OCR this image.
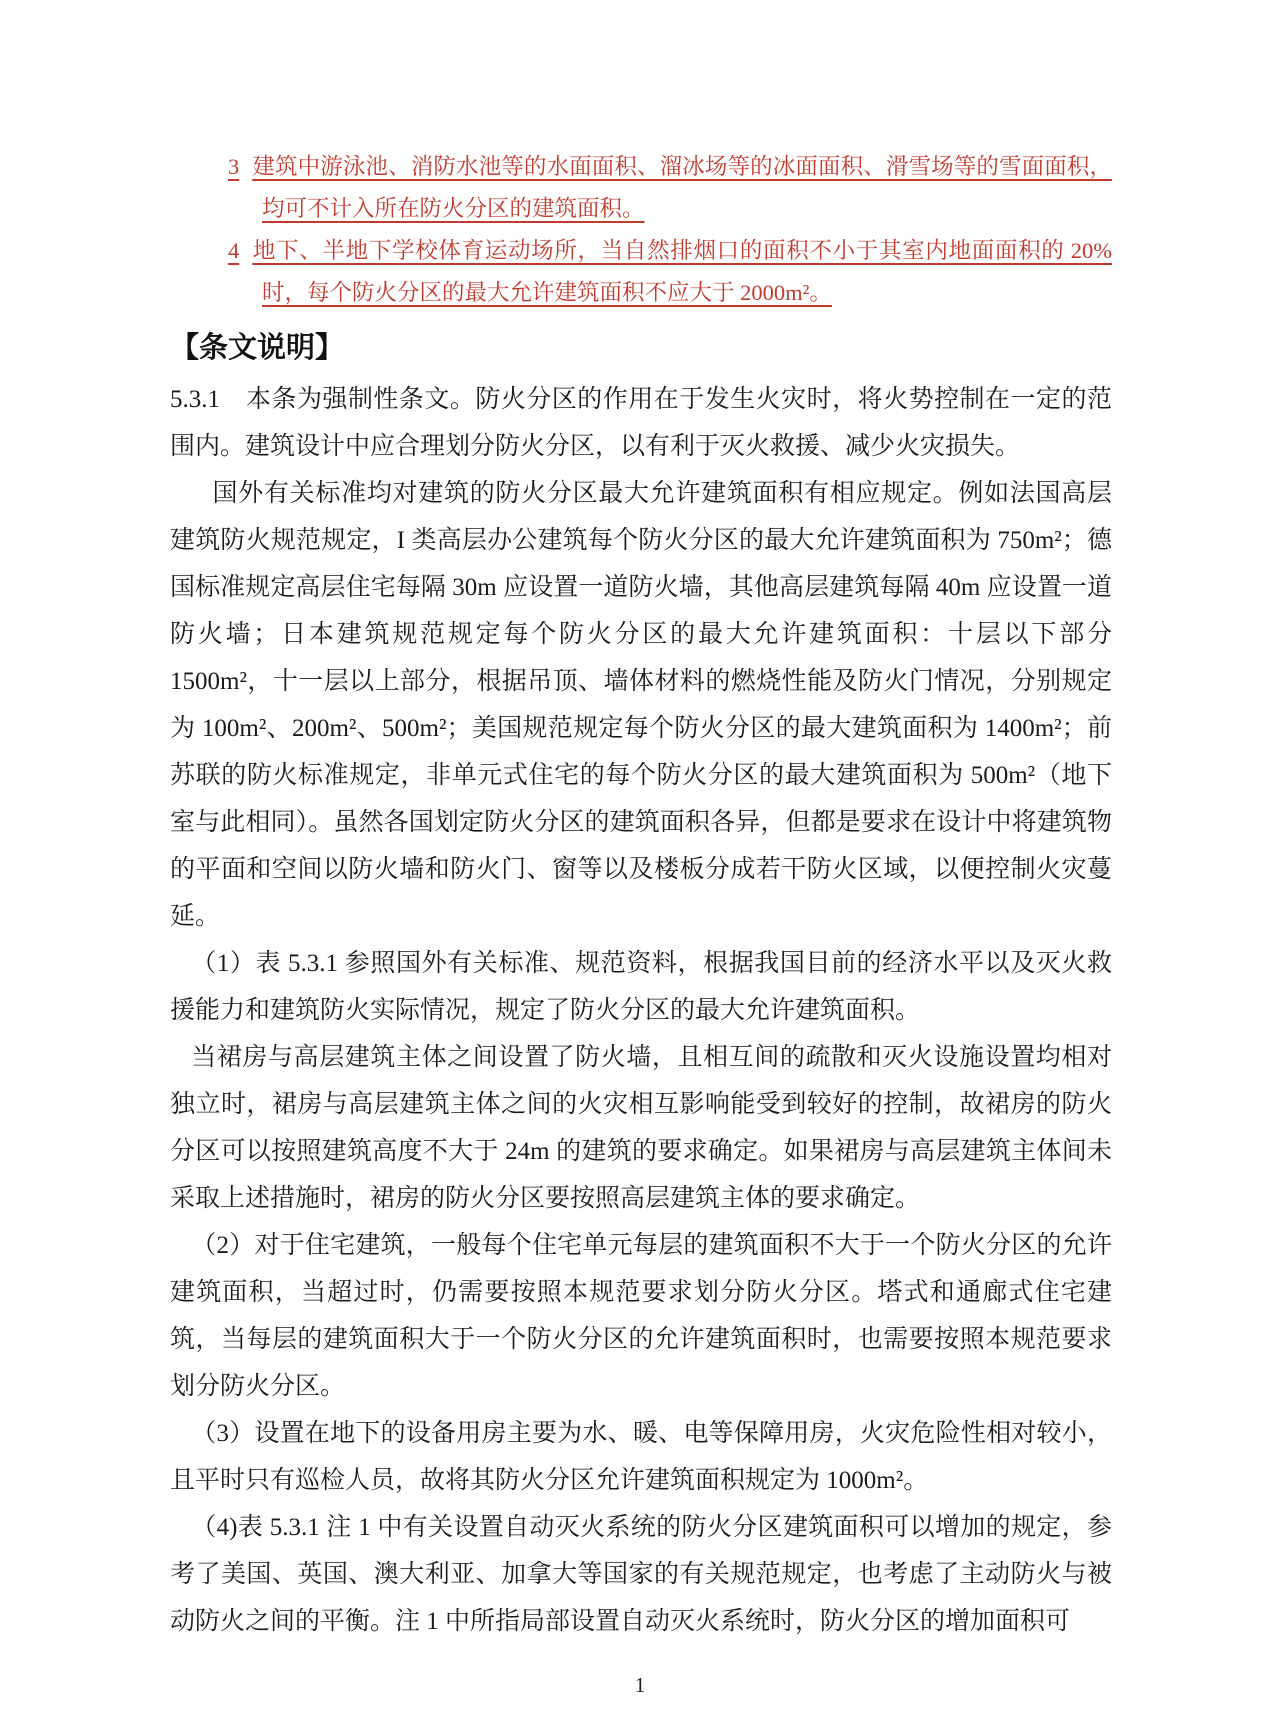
3 建筑中游泳池、消防水池等的水面面积、溜冰场等的冰面面积、滑雪场等的雪面面积，均可不计入所在防火分区的建筑面积。
4 地下、半地下学校体育运动场所，当自然排烟口的面积不小于其室内地面面积的 20%时，每个防火分区的最大允许建筑面积不应大于 2000m²。
【条文说明】

5.3.1　本条为强制性条文。防火分区的作用在于发生火灾时，将火势控制在一定的范围内。建筑设计中应合理划分防火分区，以有利于灭火救援、减少火灾损失。

国外有关标准均对建筑的防火分区最大允许建筑面积有相应规定。例如法国高层建筑防火规范规定，I 类高层办公建筑每个防火分区的最大允许建筑面积为 750m²；德国标准规定高层住宅每隔 30m 应设置一道防火墙，其他高层建筑每隔 40m 应设置一道防火墙；日本建筑规范规定每个防火分区的最大允许建筑面积：十层以下部分 1500m²，十一层以上部分，根据吊顶、墙体材料的燃烧性能及防火门情况，分别规定为 100m²、200m²、500m²；美国规范规定每个防火分区的最大建筑面积为 1400m²；前苏联的防火标准规定，非单元式住宅的每个防火分区的最大建筑面积为 500m²（地下室与此相同）。虽然各国划定防火分区的建筑面积各异，但都是要求在设计中将建筑物的平面和空间以防火墙和防火门、窗等以及楼板分成若干防火区域，以便控制火灾蔓延。

（1）表 5.3.1 参照国外有关标准、规范资料，根据我国目前的经济水平以及灭火救援能力和建筑防火实际情况，规定了防火分区的最大允许建筑面积。

当裙房与高层建筑主体之间设置了防火墙，且相互间的疏散和灭火设施设置均相对独立时，裙房与高层建筑主体之间的火灾相互影响能受到较好的控制，故裙房的防火分区可以按照建筑高度不大于 24m 的建筑的要求确定。如果裙房与高层建筑主体间未采取上述措施时，裙房的防火分区要按照高层建筑主体的要求确定。

（2）对于住宅建筑，一般每个住宅单元每层的建筑面积不大于一个防火分区的允许建筑面积，当超过时，仍需要按照本规范要求划分防火分区。塔式和通廊式住宅建筑，当每层的建筑面积大于一个防火分区的允许建筑面积时，也需要按照本规范要求划分防火分区。

（3）设置在地下的设备用房主要为水、暖、电等保障用房，火灾危险性相对较小，且平时只有巡检人员，故将其防火分区允许建筑面积规定为 1000m²。

（4)表 5.3.1 注 1 中有关设置自动灭火系统的防火分区建筑面积可以增加的规定，参考了美国、英国、澳大利亚、加拿大等国家的有关规范规定，也考虑了主动防火与被动防火之间的平衡。注 1 中所指局部设置自动灭火系统时，防火分区的增加面积可

1
